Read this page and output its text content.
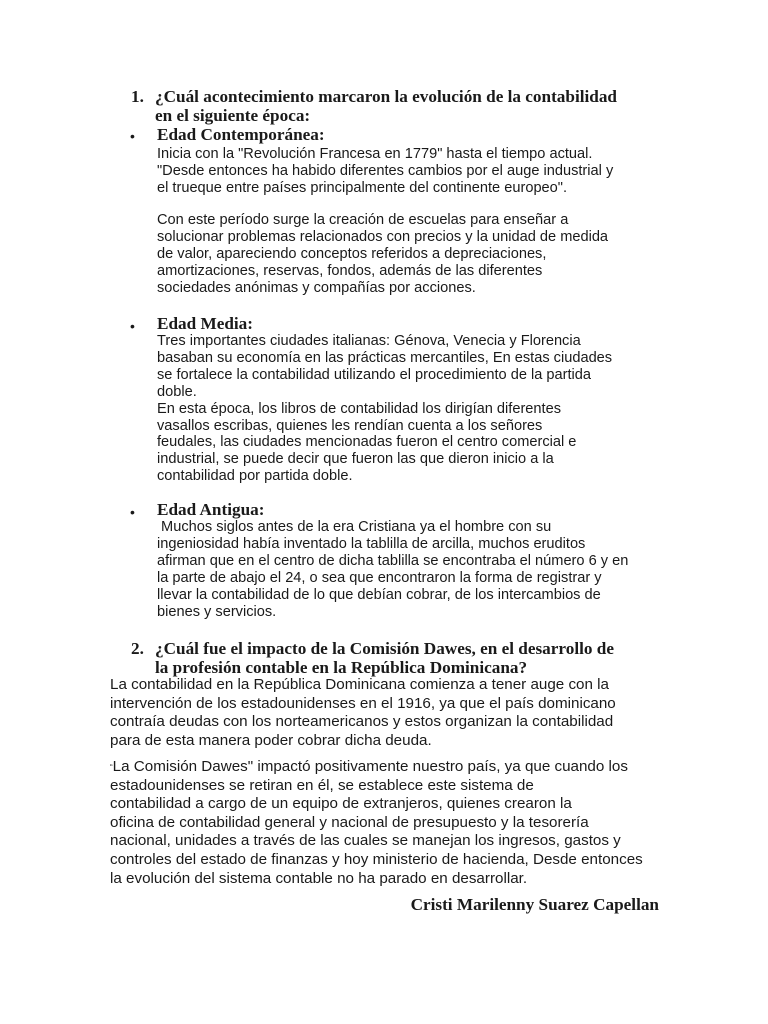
1. ¿Cuál acontecimiento marcaron la evolución de la contabilidad
en el siguiente época:
• Edad Contemporánea:

Inicia con la "Revolución Francesa en 1779" hasta el tiempo actual.
"Desde entonces ha habido diferentes cambios por el auge industrial y
el trueque entre países principalmente del continente europeo".

Con este período surge la creación de escuelas para enseñar a
solucionar problemas relacionados con precios y la unidad de medida
de valor, apareciendo conceptos referidos a depreciaciones,
amortizaciones, reservas, fondos, además de las diferentes
sociedades anónimas y compañías por acciones.

• Edad Media:

Tres importantes ciudades italianas: Génova, Venecia y Florencia
basaban su economía en las prácticas mercantiles, En estas ciudades
se fortalece la contabilidad utilizando el procedimiento de la partida
doble.
En esta época, los libros de contabilidad los dirigían diferentes
vasallos escribas, quienes les rendían cuenta a los señores
feudales, las ciudades mencionadas fueron el centro comercial e
industrial, se puede decir que fueron las que dieron inicio a la
contabilidad por partida doble.

• Edad Antigua:

Muchos siglos antes de la era Cristiana ya el hombre con su
ingeniosidad había inventado la tablilla de arcilla, muchos eruditos
afirman que en el centro de dicha tablilla se encontraba el número 6 y en
la parte de abajo el 24, o sea que encontraron la forma de registrar y
llevar la contabilidad de lo que debían cobrar, de los intercambios de
bienes y servicios.

2. ¿Cuál fue el impacto de la Comisión Dawes, en el desarrollo de
la profesión contable en la República Dominicana?

La contabilidad en la República Dominicana comienza a tener auge con la
intervención de los estadounidenses en el 1916, ya que el país dominicano
contraía deudas con los norteamericanos y estos organizan la contabilidad
para de esta manera poder cobrar dicha deuda.

“La Comisión Dawes" impactó positivamente nuestro país, ya que cuando los
estadounidenses se retiran en él, se establece este sistema de
contabilidad a cargo de un equipo de extranjeros, quienes crearon la
oficina de contabilidad general y nacional de presupuesto y la tesorería
nacional, unidades a través de las cuales se manejan los ingresos, gastos y
controles del estado de finanzas y hoy ministerio de hacienda, Desde entonces
la evolución del sistema contable no ha parado en desarrollar.

Cristi Marilenny Suarez Capellan
